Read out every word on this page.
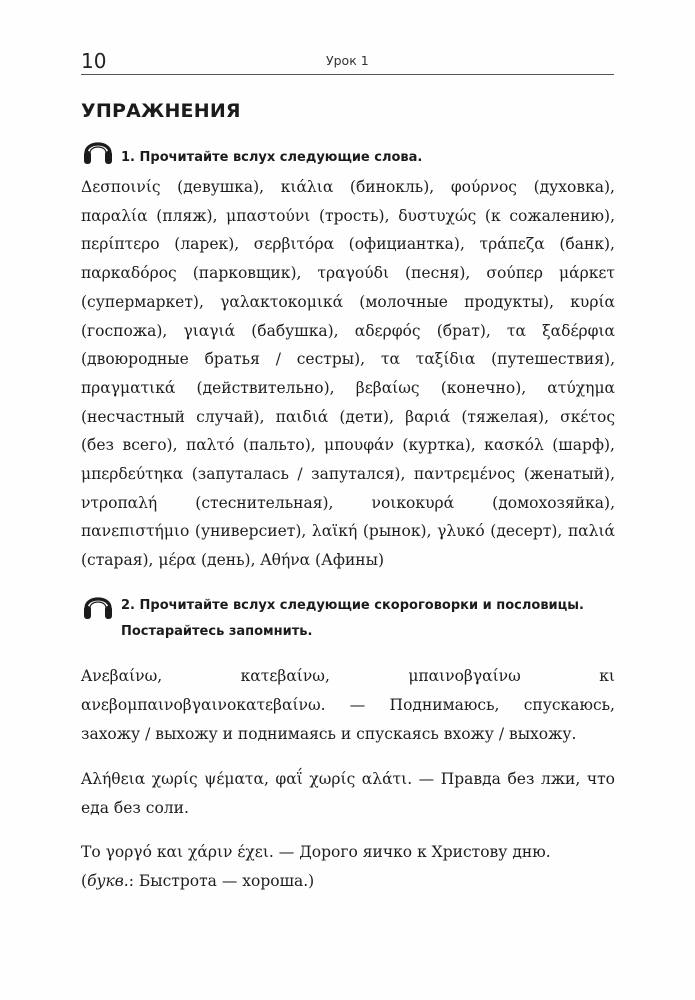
10	Урок 1
УПРАЖНЕНИЯ
1. Прочитайте вслух следующие слова.

Δεσποινίς (девушка), κιάλια (бинокль), φούρνος (духовка), παραλία (пляж), μπαστούνι (трость), δυστυχώς (к сожалению), περίπτερο (ларек), σερβιτόρα (официантка), τράπεζα (банк), παρκαδόρος (парковщик), τραγούδι (песня), σούπερ μάρκετ (супермаркет), γαλακτοκομικά (молочные продукты), κυρία (госпожа), γιαγιά (бабушка), αδερφός (брат), τα ξαδέρφια (двоюродные братья / сестры), τα ταξίδια (путешествия), πραγματικά (действительно), βεβαίως (конечно), ατύχημα (несчастный случай), παιδιά (дети), βαριά (тяжелая), σκέτος (без всего), παλτό (пальто), μπουφάν (куртка), κασκόλ (шарф), μπερδεύτηκα (запуталась / запутался), παντρεμένος (женатый), ντροπαλή (стеснительная), νοικοκυρά (домохозяйка), πανεπιστήμιο (универсиет), λαϊκή (рынок), γλυκό (десерт), παλιά (старая), μέρα (день), Αθήνα (Афины)

2. Прочитайте вслух следующие скороговорки и пословицы.
Постарайтесь запомнить.

Ανεβαίνω, κατεβαίνω, μπαινοβγαίνω κι ανεβομπαινοβγαινοκατεβαίνω. — Поднимаюсь, спускаюсь, захожу / выхожу и поднимаясь и спускаясь вхожу / выхожу.

Αλήθεια χωρίς ψέματα, φαΐ χωρίς αλάτι. — Правда без лжи, что еда без соли.

Το γοργό και χάριν έχει. — Дорого яичко к Христову дню.

(букв.: Быстрота — хороша.)
